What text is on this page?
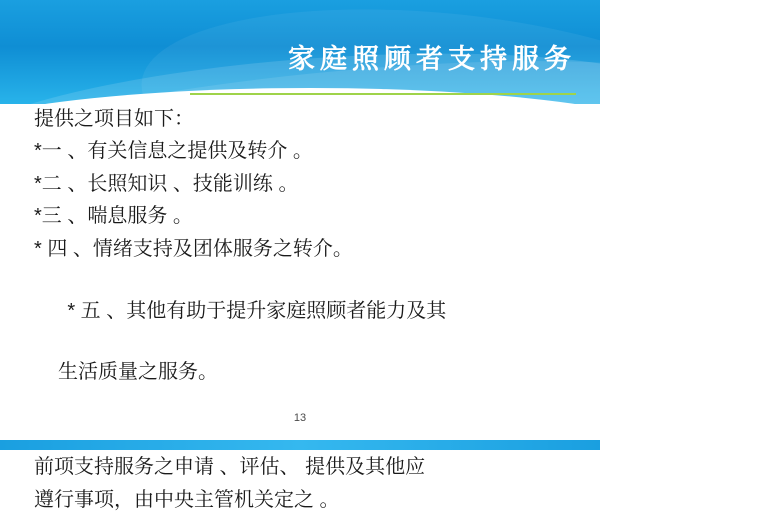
家庭照顾者支持服务

提供之项目如下：

*一 、有关信息之提供及转介 。

*二 、长照知识 、技能训练 。

*三 、喘息服务 。

* 四 、情绪支持及团体服务之转介。

* 五 、其他有助于提升家庭照顾者能力及其

生活质量之服务。

前项支持服务之申请 、评估、 提供及其他应

遵行事项，由中央主管机关定之 。

13
